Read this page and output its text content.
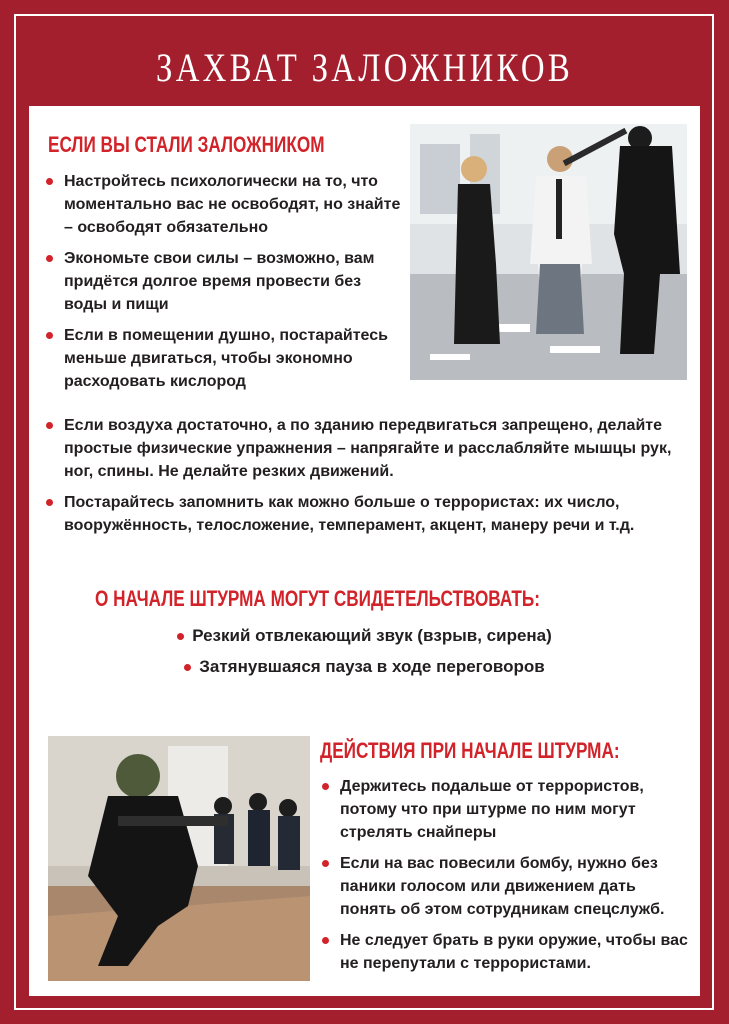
ЗАХВАТ ЗАЛОЖНИКОВ
ЕСЛИ ВЫ СТАЛИ ЗАЛОЖНИКОМ
Настройтесь психологически на то, что моментально вас не освободят, но знайте – освободят обязательно
Экономьте свои силы – возможно, вам придётся долгое время провести без воды и пищи
Если в помещении душно, постарайтесь меньше двигаться, чтобы экономно расходовать кислород
Если воздуха достаточно, а по зданию передвигаться запрещено, делайте простые физические упражнения – напрягайте и расслабляйте мышцы рук, ног, спины. Не делайте резких движений.
Постарайтесь запомнить как можно больше о террористах: их число, вооружённость, телосложение, темперамент, акцент, манеру речи и т.д.
О НАЧАЛЕ ШТУРМА МОГУТ СВИДЕТЕЛЬСТВОВАТЬ:
Резкий отвлекающий звук (взрыв, сирена)
Затянувшаяся пауза в ходе переговоров
ДЕЙСТВИЯ ПРИ НАЧАЛЕ ШТУРМА:
Держитесь подальше от террористов, потому что при штурме по ним могут стрелять снайперы
Если на вас повесили бомбу, нужно без паники голосом или движением дать понять об этом сотрудникам спецслужб.
Не следует брать в руки оружие, чтобы вас не перепутали с террористами.
